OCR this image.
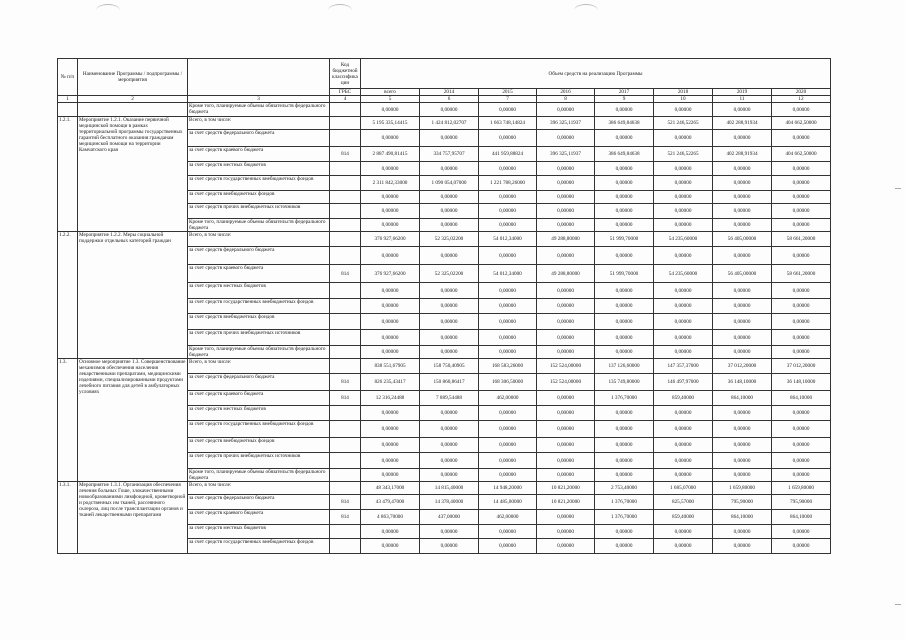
№ п/п	Наименование Программы / подпрограммы / мероприятия		Код бюджетной классифика ции	Объем средств на реализацию Программы							
			ГРБС	всего	2014	2015	2016	2017	2018	2019	2020
1	2	3	4	5	6	7	8	9	10	11	12
		Кроме того, планируемые объемы обязательств федерального бюджета		0,00000	0,00000	0,00000	0,00000	0,00000	0,00000	0,00000	0,00000
1.2.1.	Мероприятие 1.2.1. Оказание первичной медицинской помощи в рамках территориальной программы государственных гарантий бесплатного оказания гражданам медицинской помощи на территории Камчатского края	Всего, в том числе:		5 195 335,14415	1 424 812,02707	1 663 748,14824	396 325,11937	386 649,84638	521 246,52265	402 288,91934	404 662,50000
		за счет средств федерального бюджета		0,00000	0,00000	0,00000	0,00000	0,00000	0,00000	0,00000	0,00000
		за счет средств краевого бюджета	814	2 887 490,81415	334 757,95707	441 959,88824	396 325,11937	386 649,84638	521 246,52265	402 288,91934	404 662,50000
		за счет средств местных бюджетов		0,00000	0,00000	0,00000	0,00000	0,00000	0,00000	0,00000	0,00000
		за счет средств государственных внебюджетных фондов		2 311 842,33000	1 090 054,07000	1 221 788,26000	0,00000	0,00000	0,00000	0,00000	0,00000
		за счет средств внебюджетных фондов		0,00000	0,00000	0,00000	0,00000	0,00000	0,00000	0,00000	0,00000
		за счет средств прочих внебюджетных источников		0,00000	0,00000	0,00000	0,00000	0,00000	0,00000	0,00000	0,00000
		Кроме того, планируемые объемы обязательств федерального бюджета		0,00000	0,00000	0,00000	0,00000	0,00000	0,00000	0,00000	0,00000
1.2.2.	Мероприятие 1.2.2. Меры социальной поддержки отдельных категорий граждан	Всего, в том числе:		376 927,66200	52 325,02200	54 012,34000	49 288,80000	51 999,70000	54 235,60000	56 405,00000	58 661,20000
		за счет средств федерального бюджета		0,00000	0,00000	0,00000	0,00000	0,00000	0,00000	0,00000	0,00000
		за счет средств краевого бюджета	814	376 927,66200	52 325,02200	54 012,34000	49 288,80000	51 999,70000	54 235,60000	56 405,00000	58 661,20000
		за счет средств местных бюджетов		0,00000	0,00000	0,00000	0,00000	0,00000	0,00000	0,00000	0,00000
		за счет средств государственных внебюджетных фондов		0,00000	0,00000	0,00000	0,00000	0,00000	0,00000	0,00000	0,00000
		за счет средств внебюджетных фондов		0,00000	0,00000	0,00000	0,00000	0,00000	0,00000	0,00000	0,00000
		за счет средств прочих внебюджетных источников		0,00000	0,00000	0,00000	0,00000	0,00000	0,00000	0,00000	0,00000
		Кроме того, планируемые объемы обязательств федерального бюджета		0,00000	0,00000	0,00000	0,00000	0,00000	0,00000	0,00000	0,00000
1.3.	Основное мероприятие 1.3. Совершенствование механизмов обеспечения населения лекарственными препаратами, медицинскими изделиями, специализированными продуктами лечебного питания для детей в амбулаторных условиях	Всего, в том числе:		838 551,67905	158 750,40905	168 583,26000	152 524,00000	137 126,60000	147 357,37000	37 012,20000	37 012,20000
		за счет средств федерального бюджета	814	826 235,43417	150 860,86417	168 306,50000	152 524,00000	135 749,80000	146 497,97000	36 148,10000	36 148,10000
		за счет средств краевого бюджета	814	12 316,24488	7 889,54488	462,00000	0,00000	1 376,70000	859,40000	864,10000	864,10000
		за счет средств местных бюджетов		0,00000	0,00000	0,00000	0,00000	0,00000	0,00000	0,00000	0,00000
		за счет средств государственных внебюджетных фондов		0,00000	0,00000	0,00000	0,00000	0,00000	0,00000	0,00000	0,00000
		за счет средств внебюджетных фондов		0,00000	0,00000	0,00000	0,00000	0,00000	0,00000	0,00000	0,00000
		за счет средств прочих внебюджетных источников		0,00000	0,00000	0,00000	0,00000	0,00000	0,00000	0,00000	0,00000
		Кроме того, планируемые объемы обязательств федерального бюджета		0,00000	0,00000	0,00000	0,00000	0,00000	0,00000	0,00000	0,00000
1.3.1.	Мероприятие 1.3.1. Организация обеспечения лечения больных Гоше, злокачественными новообразованиями лимфоидной, кроветворной и родственных им тканей, рассеянного склероза, лиц после трансплантации органов и тканей лекарственными препаратами	Всего, в том числе:		48 343,17000	14 815,40000	14 948,20000	10 821,20000	2 753,40000	1 685,07000	1 659,80000	1 659,80000
		за счет средств федерального бюджета	814	43 479,47000	14 378,40000	14 485,00000	10 821,20000	1 376,70000	825,57000	795,90000	795,90000
		за счет средств краевого бюджета	814	4 863,70000	437,00000	462,00000	0,00000	1 376,70000	859,40000	864,10000	864,10000
		за счет средств местных бюджетов		0,00000	0,00000	0,00000	0,00000	0,00000	0,00000	0,00000	0,00000
		за счет средств государственных внебюджетных фондов		0,00000	0,00000	0,00000	0,00000	0,00000	0,00000	0,00000	0,00000
